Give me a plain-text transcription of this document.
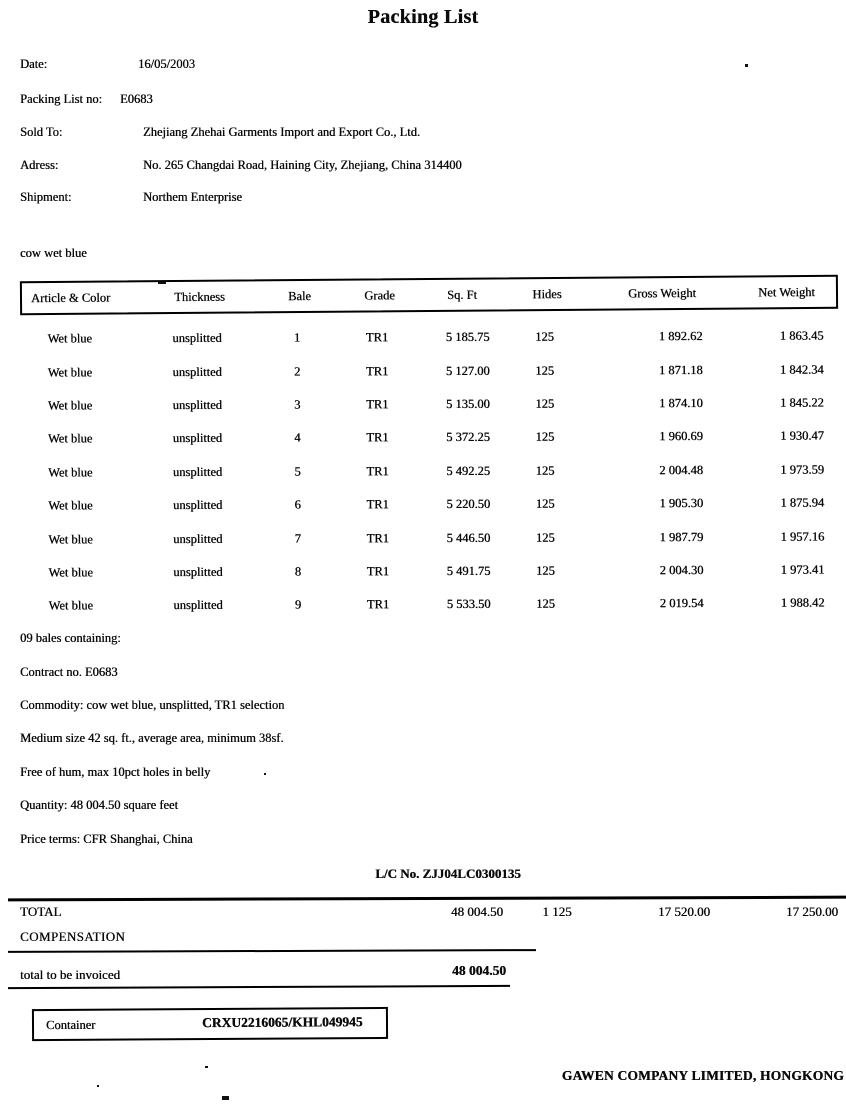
Packing List
Date:	16/05/2003
Packing List no: E0683
Sold To:	Zhejiang Zhehai Garments Import and Export Co., Ltd.
Adress:	No. 265 Changdai Road, Haining City, Zhejiang, China 314400
Shipment:	Northem Enterprise
cow wet blue
Article & Color	Thickness	Bale	Grade	Sq. Ft	Hides	Gross Weight	Net Weight
Wet blue	unsplitted	1	TR1	5 185.75	125	1 892.62	1 863.45
Wet blue	unsplitted	2	TR1	5 127.00	125	1 871.18	1 842.34
Wet blue	unsplitted	3	TR1	5 135.00	125	1 874.10	1 845.22
Wet blue	unsplitted	4	TR1	5 372.25	125	1 960.69	1 930.47
Wet blue	unsplitted	5	TR1	5 492.25	125	2 004.48	1 973.59
Wet blue	unsplitted	6	TR1	5 220.50	125	1 905.30	1 875.94
Wet blue	unsplitted	7	TR1	5 446.50	125	1 987.79	1 957.16
Wet blue	unsplitted	8	TR1	5 491.75	125	2 004.30	1 973.41
Wet blue	unsplitted	9	TR1	5 533.50	125	2 019.54	1 988.42
09 bales containing:
Contract no. E0683
Commodity: cow wet blue, unsplitted, TR1 selection
Medium size 42 sq. ft., average area, minimum 38sf.
Free of hum, max 10pct holes in belly
Quantity: 48 004.50 square feet
Price terms: CFR Shanghai, China
L/C No. ZJJ04LC0300135
TOTAL	48 004.50	1 125	17 520.00	17 250.00
COMPENSATION
total to be invoiced	48 004.50
Container	CRXU2216065/KHL049945
GAWEN COMPANY LIMITED, HONGKONG
